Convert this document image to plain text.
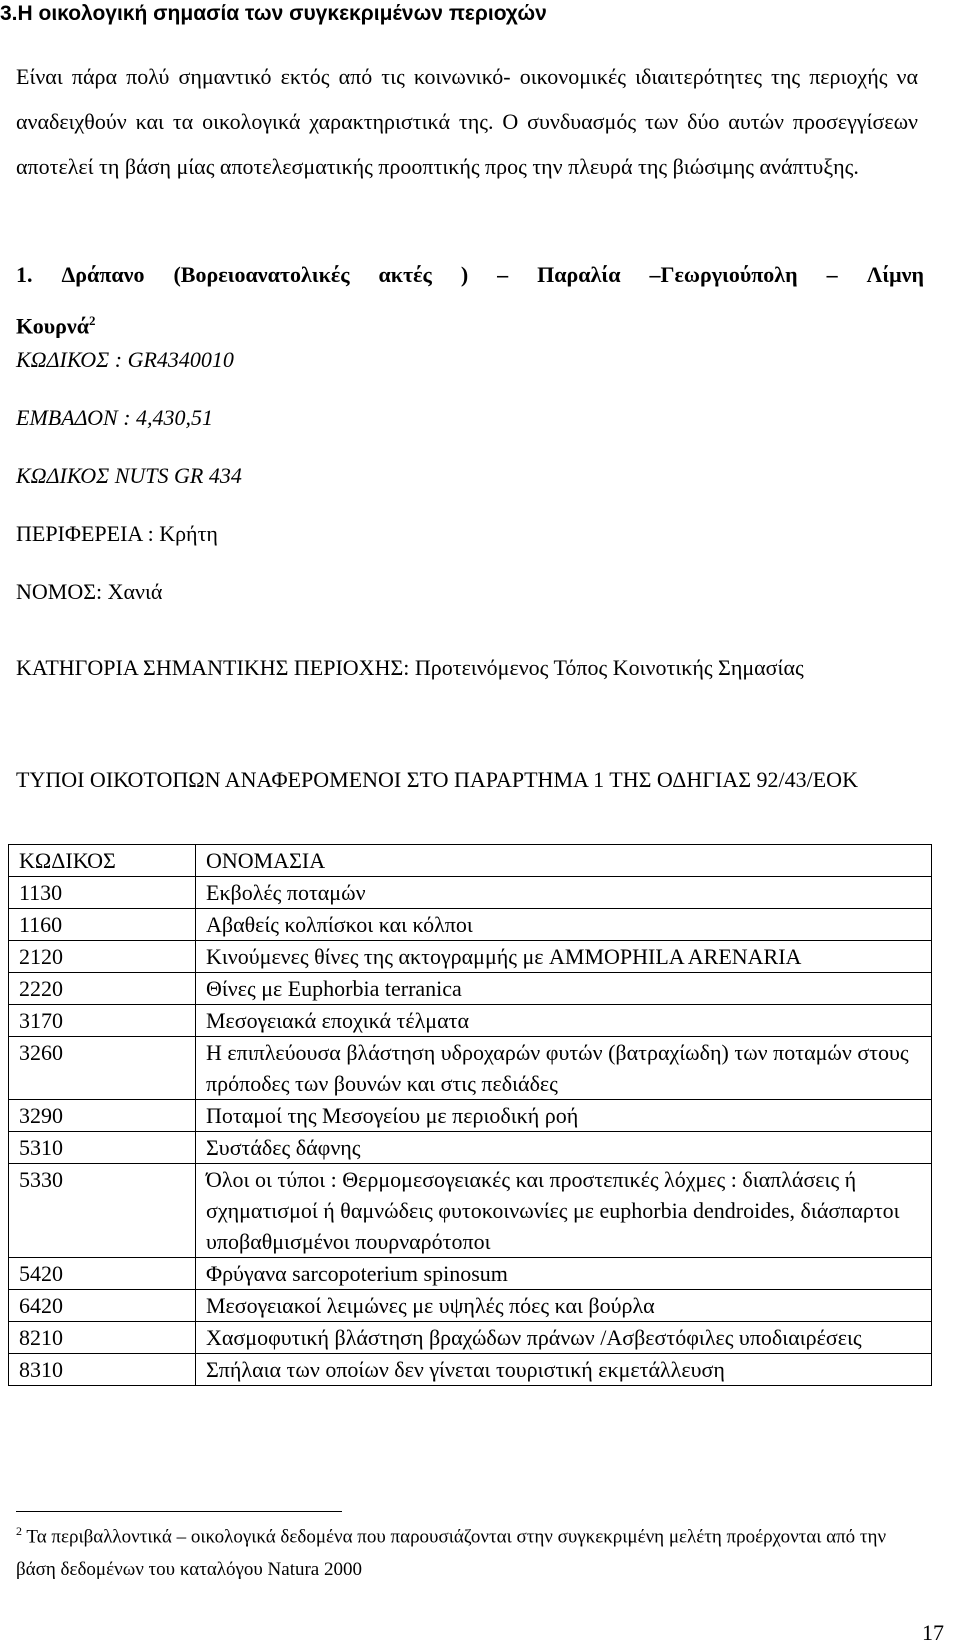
3.Η οικολογική σημασία των συγκεκριμένων περιοχών

Είναι πάρα πολύ σημαντικό εκτός από τις κοινωνικό- οικονομικές ιδιαιτερότητες της περιοχής να αναδειχθούν και τα οικολογικά χαρακτηριστικά της. Ο συνδυασμός των δύο αυτών προσεγγίσεων αποτελεί τη βάση μίας αποτελεσματικής προοπτικής προς την πλευρά της βιώσιμης ανάπτυξης.

1. Δράπανο (Βορειοανατολικές ακτές ) – Παραλία –Γεωργιούπολη – Λίμνη
Κουρνά$^2$

ΚΩΔΙΚΟΣ : GR4340010

ΕΜΒΑΔΟΝ : 4,430,51

ΚΩΔΙΚΟΣ NUTS GR 434

ΠΕΡΙΦΕΡΕΙΑ : Κρήτη

ΝΟΜΟΣ: Χανιά

ΚΑΤΗΓΟΡΙΑ ΣΗΜΑΝΤΙΚΗΣ ΠΕΡΙΟΧΗΣ: Προτεινόμενος Τόπος Κοινοτικής Σημασίας

ΤΥΠΟΙ ΟΙΚΟΤΟΠΩΝ ΑΝΑΦΕΡΟΜΕΝΟΙ ΣΤΟ ΠΑΡΑΡΤΗΜΑ 1 ΤΗΣ ΟΔΗΓΙΑΣ 92/43/ΕΟΚ

ΚΩΔΙΚΟΣ	ΟΝΟΜΑΣΙΑ
1130	Εκβολές ποταμών
1160	Αβαθείς κολπίσκοι και κόλποι
2120	Κινούμενες θίνες της ακτογραμμής με AMMOPHILA ARENARIA
2220	Θίνες με Euphorbia terranica
3170	Μεσογειακά εποχικά τέλματα
3260	Η επιπλεύουσα βλάστηση υδροχαρών φυτών (βατραχίωδη) των ποταμών στους πρόποδες των βουνών και στις πεδιάδες
3290	Ποταμοί της Μεσογείου με περιοδική ροή
5310	Συστάδες δάφνης
5330	Όλοι οι τύποι : Θερμομεσογειακές και προστεπικές λόχμες : διαπλάσεις ή σχηματισμοί ή θαμνώδεις φυτοκοινωνίες με euphorbia dendroides, διάσπαρτοι υποβαθμισμένοι πουρναρότοποι
5420	Φρύγανα sarcopoterium spinosum
6420	Μεσογειακοί λειμώνες με υψηλές πόες και βούρλα
8210	Χασμοφυτική βλάστηση βραχώδων πράνων /Ασβεστόφιλες υποδιαιρέσεις
8310	Σπήλαια των οποίων δεν γίνεται τουριστική εκμετάλλευση

$^2$ Τα περιβαλλοντικά – οικολογικά δεδομένα που παρουσιάζονται στην συγκεκριμένη μελέτη προέρχονται από την βάση δεδομένων του καταλόγου Natura 2000

17
